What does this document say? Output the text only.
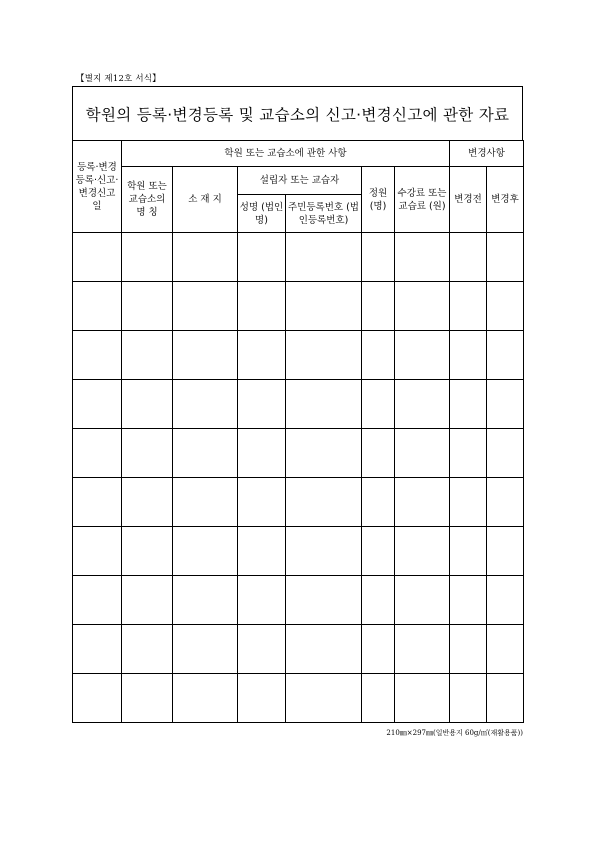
【별지 제12호 서식】
학원의 등록·변경등록 및 교습소의 신고·변경신고에 관한 자료
등록·변경등록·신고·변경신고일	학원 또는 교습소에 관한 사항						변경사항	
	학원 또는 교습소의 명 칭	소 재 지	설립자 또는 교습자		정원 (명)	수강료 또는 교습료 (원)	변경전	변경후
			성명 (법인명)	주민등록번호 (법인등록번호)				

210㎜×297㎜(일반용지 60g/㎡(재활용품))
